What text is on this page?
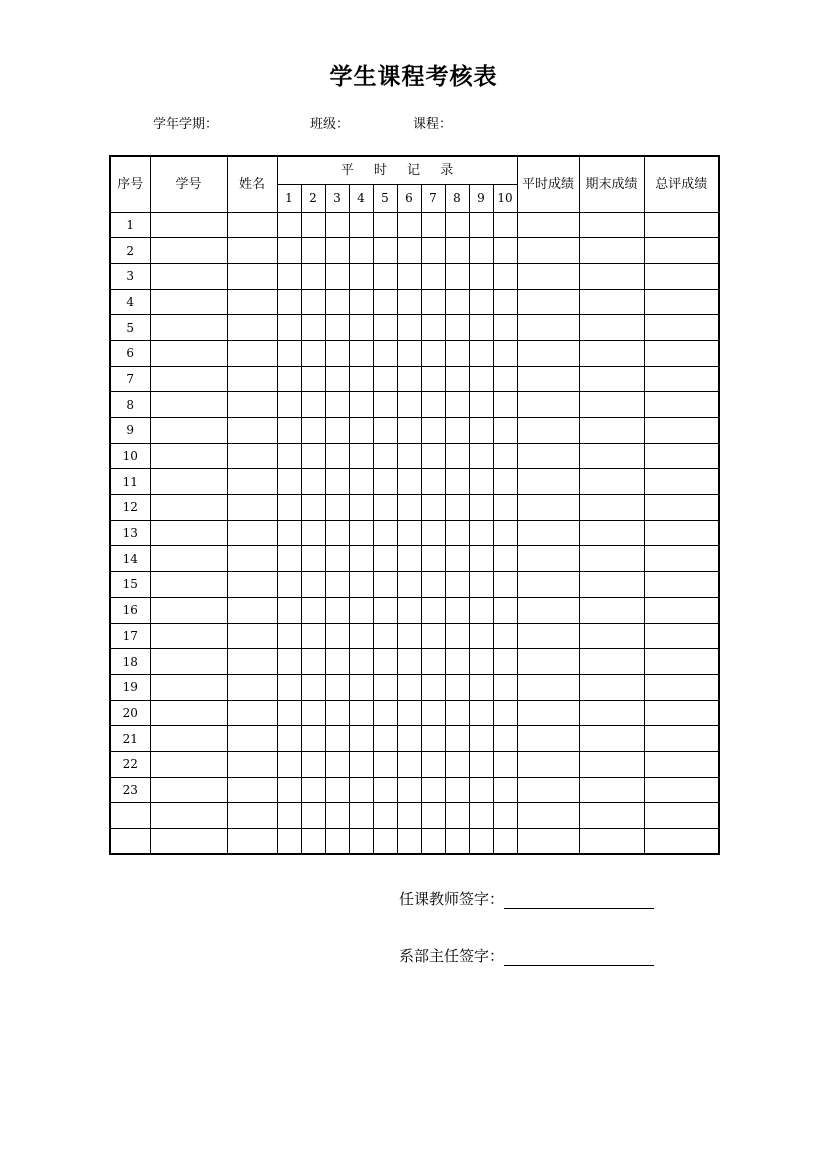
学生课程考核表
学年学期：	班级：	课程：
序号	学号	姓名	平 时 记 录										平时成绩	期末成绩	总评成绩
			1	2	3	4	5	6	7	8	9	10			
1															
2															
3															
4															
5															
6															
7															
8															
9															
10															
11															
12															
13															
14															
15															
16															
17															
18															
19															
20															
21															
22															
23															

任课教师签字：
系部主任签字：
